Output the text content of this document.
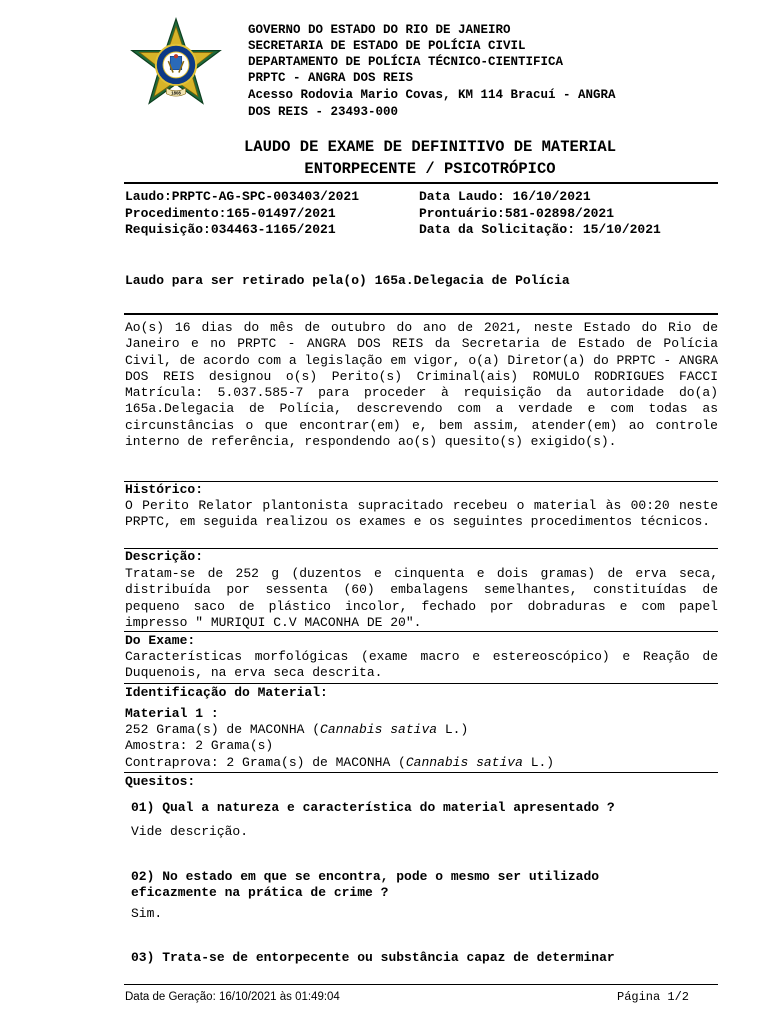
1808
GOVERNO DO ESTADO DO RIO DE JANEIRO
SECRETARIA DE ESTADO DE POLÍCIA CIVIL
DEPARTAMENTO DE POLÍCIA TÉCNICO-CIENTIFICA
PRPTC - ANGRA DOS REIS
Acesso Rodovia Mario Covas, KM 114 Bracuí - ANGRA
DOS REIS - 23493-000
LAUDO DE EXAME DE DEFINITIVO DE MATERIAL
ENTORPECENTE / PSICOTRÓPICO
Laudo:PRPTC-AG-SPC-003403/2021
Procedimento:165-01497/2021
Requisição:034463-1165/2021
Data Laudo: 16/10/2021
Prontuário:581-02898/2021
Data da Solicitação: 15/10/2021
Laudo para ser retirado pela(o) 165a.Delegacia de Polícia

Ao(s) 16 dias do mês de outubro do ano de 2021, neste Estado do Rio de Janeiro e no PRPTC - ANGRA DOS REIS da Secretaria de Estado de Polícia Civil, de acordo com a legislação em vigor, o(a) Diretor(a) do PRPTC - ANGRA DOS REIS designou o(s) Perito(s) Criminal(ais) ROMULO RODRIGUES FACCI Matrícula: 5.037.585-7 para proceder à requisição da autoridade do(a) 165a.Delegacia de Polícia, descrevendo com a verdade e com todas as circunstâncias o que encontrar(em) e, bem assim, atender(em) ao controle interno de referência, respondendo ao(s) quesito(s) exigido(s).

Histórico:

O Perito Relator plantonista supracitado recebeu o material às 00:20 neste PRPTC, em seguida realizou os exames e os seguintes procedimentos técnicos.

Descrição:

Tratam-se de 252 g (duzentos e cinquenta e dois gramas) de erva seca, distribuída por sessenta (60) embalagens semelhantes, constituídas de pequeno saco de plástico incolor, fechado por dobraduras e com papel impresso " MURIQUI C.V MACONHA DE 20".

Do Exame:

Características morfológicas (exame macro e estereoscópico) e Reação de Duquenois, na erva seca descrita.

Identificação do Material:
Material 1 :
252 Grama(s) de MACONHA (Cannabis sativa L.)
Amostra: 2 Grama(s)
Contraprova: 2 Grama(s) de MACONHA (Cannabis sativa L.)
Quesitos:
01) Qual a natureza e característica do material apresentado ?
Vide descrição.
02) No estado em que se encontra, pode o mesmo ser utilizado
eficazmente na prática de crime ?
Sim.
03) Trata-se de entorpecente ou substância capaz de determinar
Data de Geração: 16/10/2021 às 01:49:04	Página 1/2
